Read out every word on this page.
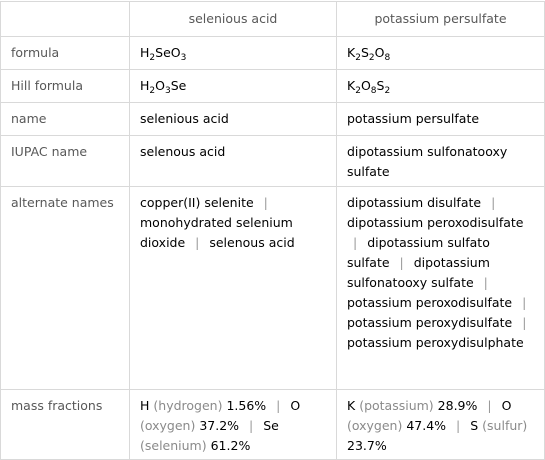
	selenious acid	potassium persulfate
formula	$H_2SeO_3$	$K_2S_2O_8$
Hill formula	$H_2O_3Se$	$K_2O_8S_2$
name	selenious acid	potassium persulfate
IUPAC name	selenous acid	dipotassium sulfonatooxy sulfate
alternate names	copper(II) selenite | monohydrated selenium dioxide | selenous acid	dipotassium disulfate | dipotassium peroxodisulfate | dipotassium sulfato sulfate | dipotassium sulfonatooxy sulfate | potassium peroxodisulfate | potassium peroxydisulfate | potassium peroxydisulphate
mass fractions	H (hydrogen) 1.56% | O (oxygen) 37.2% | Se (selenium) 61.2%	K (potassium) 28.9% | O (oxygen) 47.4% | S (sulfur) 23.7%
